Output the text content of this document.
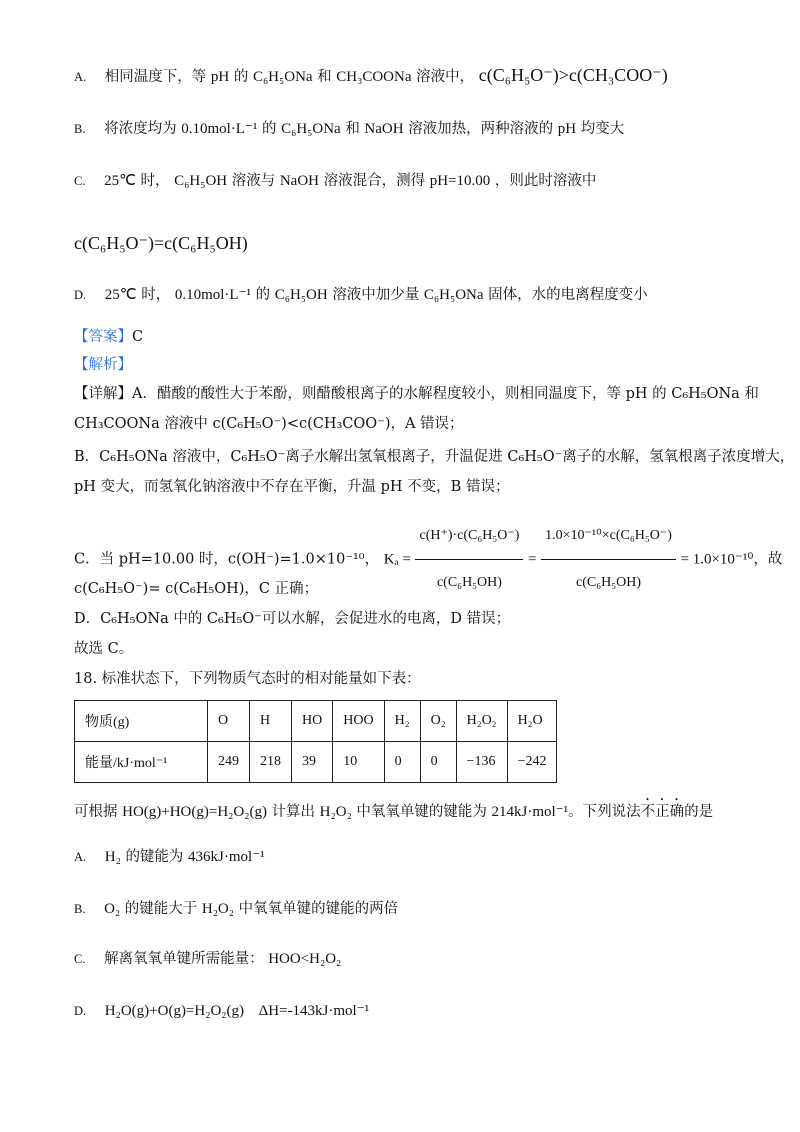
A. 相同温度下，等 pH 的 C₆H₅ONa 和 CH₃COONa 溶液中， c(C₆H₅O⁻)>c(CH₃COO⁻)
B. 将浓度均为 0.10mol·L⁻¹ 的 C₆H₅ONa 和 NaOH 溶液加热，两种溶液的 pH 均变大
C. 25℃ 时， C₆H₅OH 溶液与 NaOH 溶液混合，测得 pH=10.00 ，则此时溶液中
c(C₆H₅O⁻)=c(C₆H₅OH)
D. 25℃ 时， 0.10mol·L⁻¹ 的 C₆H₅OH 溶液中加少量 C₆H₅ONa 固体，水的电离程度变小
【答案】C
【解析】
【详解】A．醋酸的酸性大于苯酚，则醋酸根离子的水解程度较小，则相同温度下，等 pH 的 C₆H₅ONa 和
CH₃COONa 溶液中 c(C₆H₅O⁻)<c(CH₃COO⁻)，A 错误；
B．C₆H₅ONa 溶液中，C₆H₅O⁻离子水解出氢氧根离子，升温促进 C₆H₅O⁻离子的水解，氢氧根离子浓度增大，
pH 变大，而氢氧化钠溶液中不存在平衡，升温 pH 不变，B 错误；
C．当 pH=10.00 时，c(OH⁻)=1.0×10⁻¹⁰， $K_a = \frac{\text{c(H⁺)·c(C₆H₅O⁻)}}{\text{c(C₆H₅OH)}} = \frac{\text{1.0×10⁻¹⁰×c(C₆H₅O⁻)}}{\text{c(C₆H₅OH)}} = 1.0\times 10^{-10}$，故
c(C₆H₅O⁻)= c(C₆H₅OH)，C 正确；
D．C₆H₅ONa 中的 C₆H₅O⁻可以水解，会促进水的电离，D 错误；
故选 C。
18. 标准状态下，下列物质气态时的相对能量如下表：
物质(g)	O	H	HO	HOO	H₂	O₂	H₂O₂	H₂O
能量/kJ·mol⁻¹	249	218	39	10	0	0	−136	−242
可根据 HO(g)+HO(g)=H₂O₂(g) 计算出 H₂O₂ 中氧氧单键的键能为 214kJ·mol⁻¹。下列说法不正确的是
A. H₂ 的键能为 436kJ·mol⁻¹
B. O₂ 的键能大于 H₂O₂ 中氧氧单键的键能的两倍
C. 解离氧氧单键所需能量： HOO<H₂O₂
D. H₂O(g)+O(g)=H₂O₂(g) ΔH=-143kJ·mol⁻¹
